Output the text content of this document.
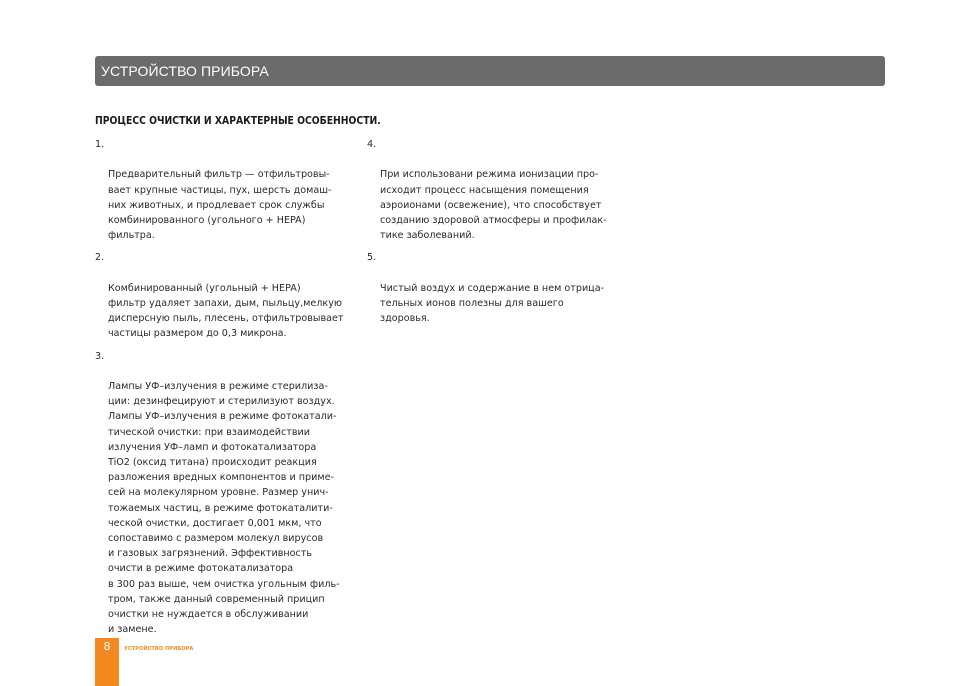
УСТРОЙСТВО ПРИБОРА
ПРОЦЕСС ОЧИСТКИ И ХАРАКТЕРНЫЕ ОСОБЕННОСТИ.

1.

Предварительный фильтр — отфильтровы-
вает крупные частицы, пух, шерсть домаш-
них животных, и продлевает срок службы
комбинированного (угольного + HEPA)
фильтра.

2.

Комбинированный (угольный + HEPA)
фильтр удаляет запахи, дым, пыльцу,мелкую
дисперсную пыль, плесень, отфильтровывает
частицы размером до 0,3 микрона.

3.

Лампы УФ–излучения в режиме стерилиза-
ции: дезинфецируют и стерилизуют воздух.
Лампы УФ–излучения в режиме фотокатали-
тической очистки: при взаимодействии
излучения УФ–ламп и фотокатализатора
TiO2 (оксид титана) происходит реакция
разложения вредных компонентов и приме-
сей на молекулярном уровне. Размер унич-
тожаемых частиц, в режиме фотокаталити-
ческой очистки, достигает 0,001 мкм, что
сопоставимо с размером молекул вирусов
и газовых загрязнений. Эффективность
очисти в режиме фотокатализатора
в 300 раз выше, чем очистка угольным филь-
тром, также данный современный прицип
очистки не нуждается в обслуживании
и замене.

4.

При использовани режима ионизации про-
исходит процесс насыщения помещения
аэроионами (освежение), что способствует
созданию здоровой атмосферы и профилак-
тике заболеваний.

5.

Чистый воздух и содержание в нем отрица-
тельных ионов полезны для вашего
здоровья.

8	УСТРОЙСТВО ПРИБОРА
